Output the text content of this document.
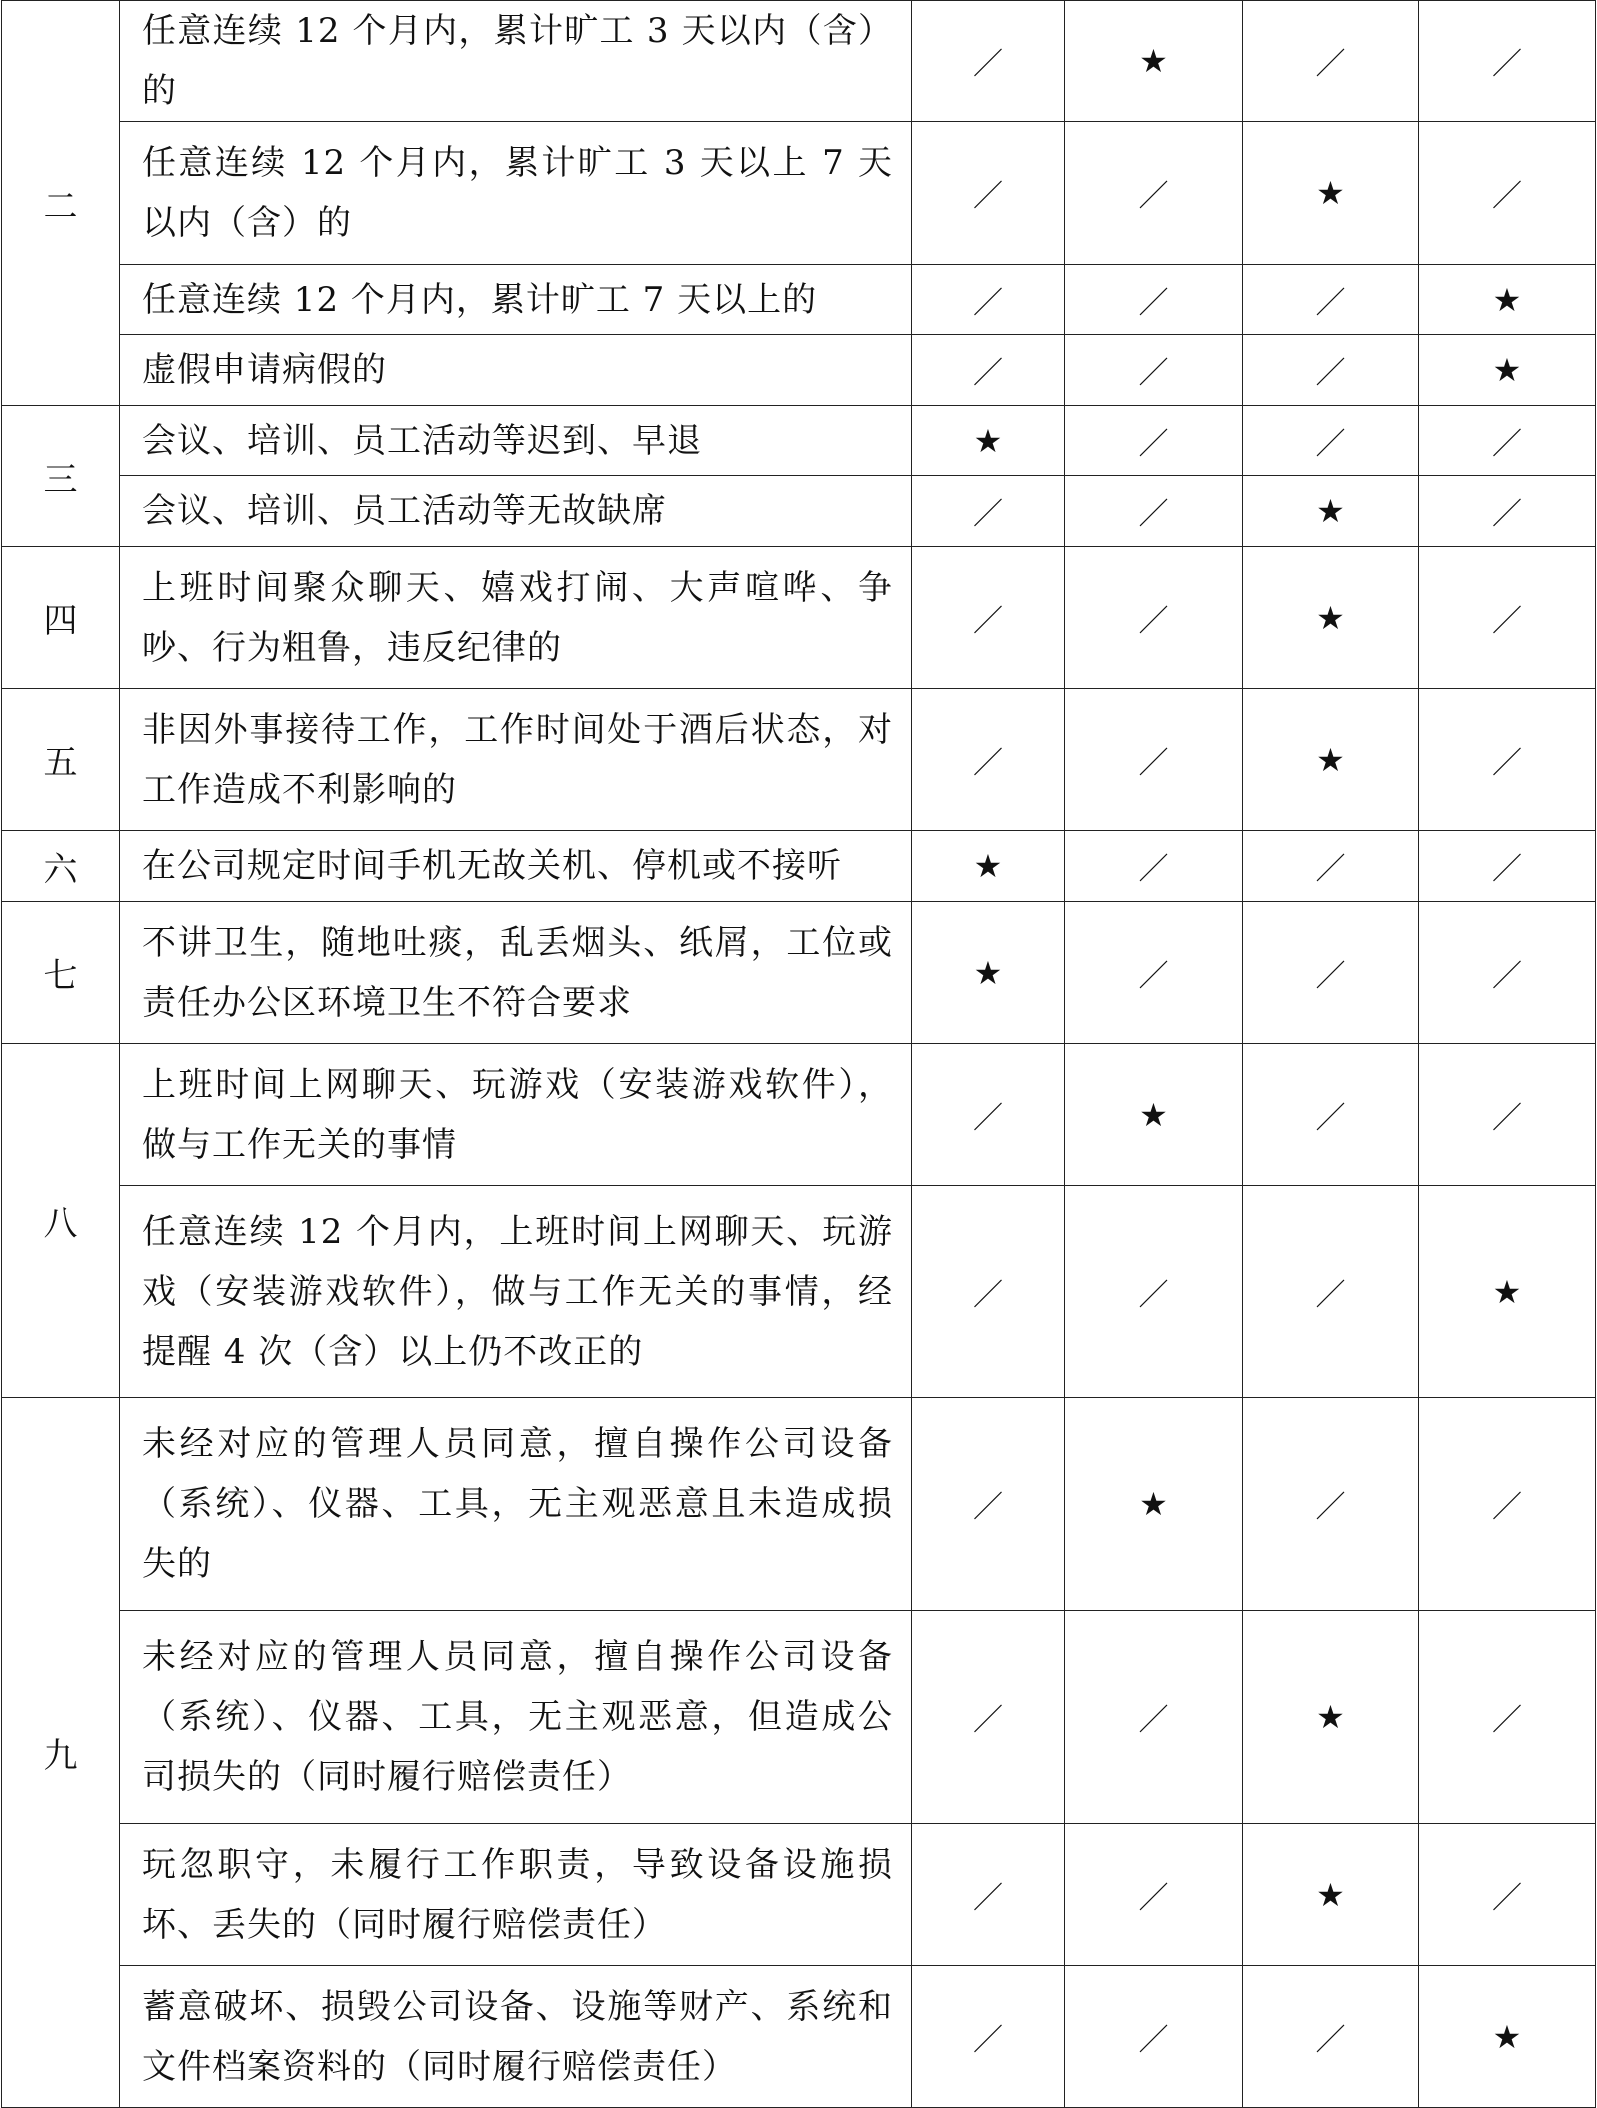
二	任意连续 12 个月内，累计旷工 3 天以内（含）的	／	★	／	／
	任意连续 12 个月内，累计旷工 3 天以上 7 天以内（含）的	／	／	★	／
	任意连续 12 个月内，累计旷工 7 天以上的	／	／	／	★
	虚假申请病假的	／	／	／	★
三	会议、培训、员工活动等迟到、早退	★	／	／	／
	会议、培训、员工活动等无故缺席	／	／	★	／
四	上班时间聚众聊天、嬉戏打闹、大声喧哗、争吵、行为粗鲁，违反纪律的	／	／	★	／
五	非因外事接待工作，工作时间处于酒后状态，对工作造成不利影响的	／	／	★	／
六	在公司规定时间手机无故关机、停机或不接听	★	／	／	／
七	不讲卫生，随地吐痰，乱丢烟头、纸屑，工位或责任办公区环境卫生不符合要求	★	／	／	／
八	上班时间上网聊天、玩游戏（安装游戏软件），做与工作无关的事情	／	★	／	／
	任意连续 12 个月内，上班时间上网聊天、玩游戏（安装游戏软件），做与工作无关的事情，经提醒 4 次（含）以上仍不改正的	／	／	／	★
九	未经对应的管理人员同意，擅自操作公司设备（系统）、仪器、工具，无主观恶意且未造成损失的	／	★	／	／
	未经对应的管理人员同意，擅自操作公司设备（系统）、仪器、工具，无主观恶意，但造成公司损失的（同时履行赔偿责任）	／	／	★	／
	玩忽职守，未履行工作职责，导致设备设施损坏、丢失的（同时履行赔偿责任）	／	／	★	／
	蓄意破坏、损毁公司设备、设施等财产、系统和文件档案资料的（同时履行赔偿责任）	／	／	／	★
